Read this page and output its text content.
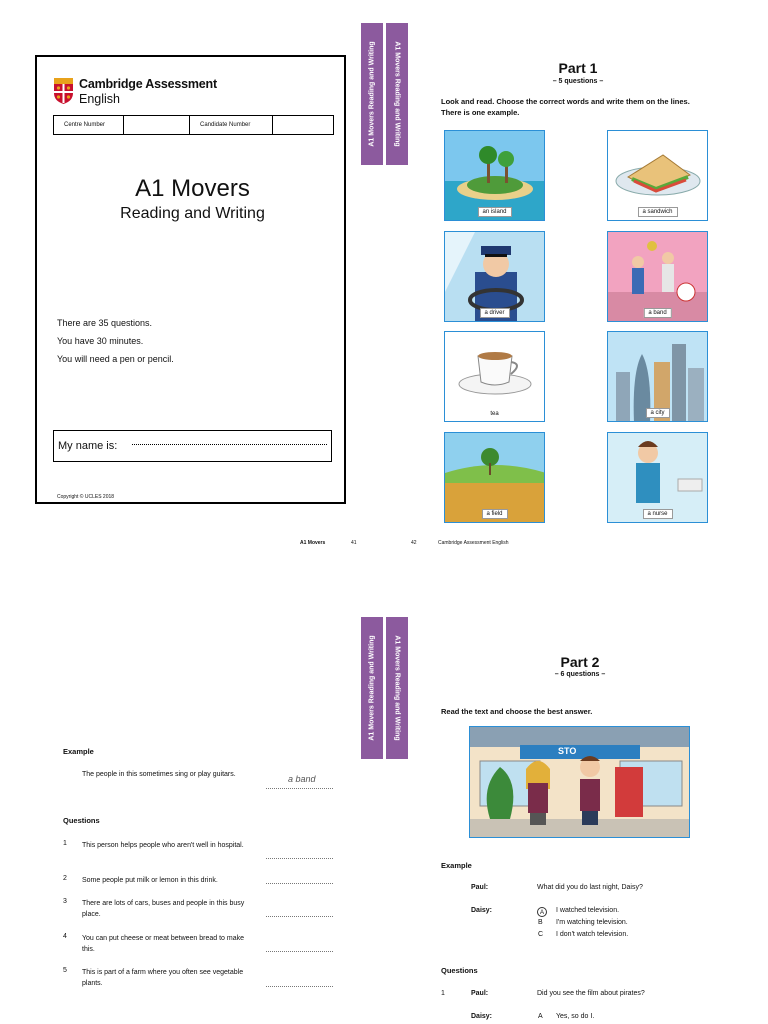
Cambridge Assessment
English
Centre Number	Candidate Number
A1 Movers
Reading and Writing
There are 35 questions.
You have 30 minutes.
You will need a pen or pencil.
My name is:
Copyright © UCLES 2018
A1 Movers Reading and Writing	A1 Movers Reading and Writing
A1 Movers Reading and Writing	A1 Movers Reading and Writing
Part 1
– 5 questions –
Look and read. Choose the correct words and write them on the lines. There is one example.
an island	a sandwich
a driver	a band
tea	a city
a field	a nurse
A1 Movers	41	42	Cambridge Assessment English
Example
The people in this sometimes sing or play guitars.	a band
Questions
1 This person helps people who aren't well in hospital.
2 Some people put milk or lemon in this drink.
3 There are lots of cars, buses and people in this busy place.
4 You can put cheese or meat between bread to make this.
5 This is part of a farm where you often see vegetable plants.
Part 2
– 6 questions –
Read the text and choose the best answer.
STO
Example
Paul:	What did you do last night, Daisy?
Daisy:	A	I watched television.
B I'm watching television.
C I don't watch television.
Questions
1	Paul:	Did you see the film about pirates?
Daisy:	A Yes, so do I.
